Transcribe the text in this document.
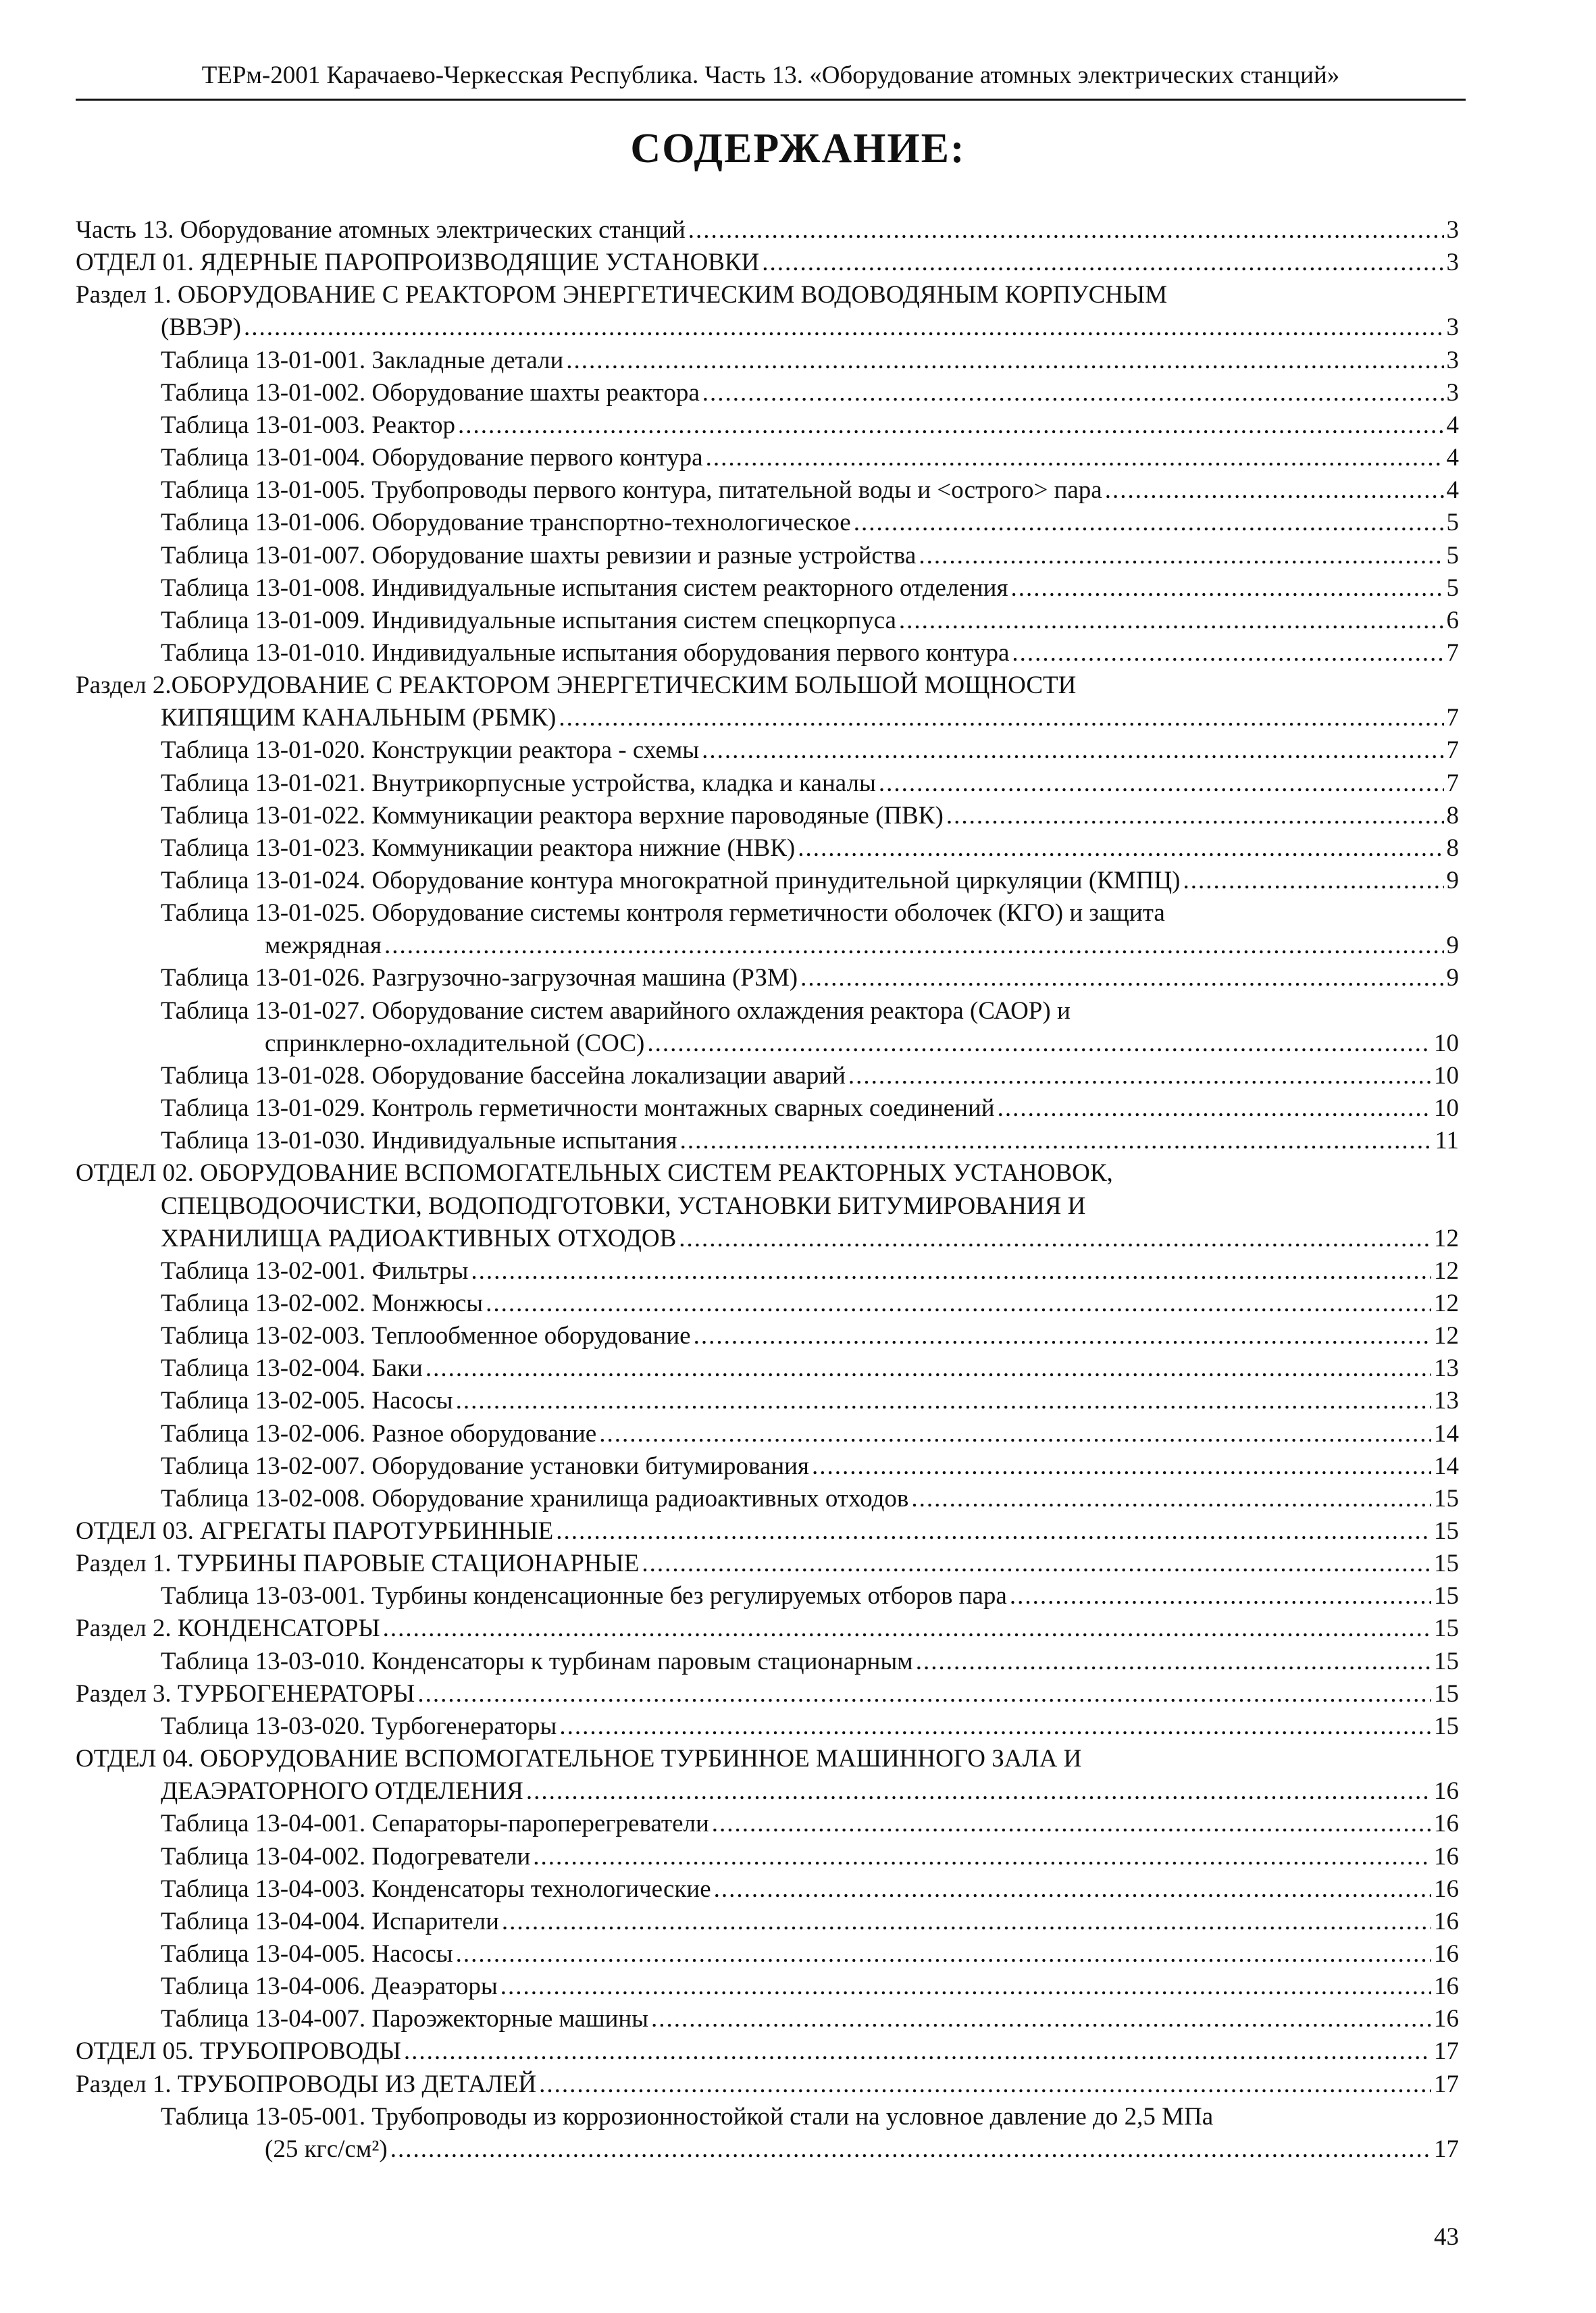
ТЕРм-2001 Карачаево-Черкесская Республика. Часть 13. «Оборудование атомных электрических станций»
СОДЕРЖАНИЕ:
Часть 13. Оборудование атомных электрических станций .....	3
ОТДЕЛ 01. ЯДЕРНЫЕ ПАРОПРОИЗВОДЯЩИЕ УСТАНОВКИ .....	3
Раздел 1. ОБОРУДОВАНИЕ С РЕАКТОРОМ ЭНЕРГЕТИЧЕСКИМ ВОДОВОДЯНЫМ КОРПУСНЫМ
(ВВЭР) .....	3
Таблица 13-01-001. Закладные детали .....	3
Таблица 13-01-002. Оборудование шахты реактора .....	3
Таблица 13-01-003. Реактор .....	4
Таблица 13-01-004. Оборудование первого контура .....	4
Таблица 13-01-005. Трубопроводы первого контура, питательной воды и <острого> пара .....	4
Таблица 13-01-006. Оборудование транспортно-технологическое .....	5
Таблица 13-01-007. Оборудование шахты ревизии и разные устройства .....	5
Таблица 13-01-008. Индивидуальные испытания систем реакторного отделения .....	5
Таблица 13-01-009. Индивидуальные испытания систем спецкорпуса .....	6
Таблица 13-01-010. Индивидуальные испытания оборудования первого контура .....	7
Раздел 2.ОБОРУДОВАНИЕ С РЕАКТОРОМ ЭНЕРГЕТИЧЕСКИМ БОЛЬШОЙ МОЩНОСТИ
КИПЯЩИМ КАНАЛЬНЫМ (РБМК) .....	7
Таблица 13-01-020. Конструкции реактора - схемы .....	7
Таблица 13-01-021. Внутрикорпусные устройства, кладка и каналы .....	7
Таблица 13-01-022. Коммуникации реактора верхние пароводяные (ПВК) .....	8
Таблица 13-01-023. Коммуникации реактора нижние (НВК) .....	8
Таблица 13-01-024. Оборудование контура многократной принудительной циркуляции (КМПЦ) .....	9
Таблица 13-01-025. Оборудование системы контроля герметичности оболочек (КГО) и защита
межрядная .....	9
Таблица 13-01-026. Разгрузочно-загрузочная машина (РЗМ) .....	9
Таблица 13-01-027. Оборудование систем аварийного охлаждения реактора (САОР) и
спринклерно-охладительной (СОС) .....	10
Таблица 13-01-028. Оборудование бассейна локализации аварий .....	10
Таблица 13-01-029. Контроль герметичности монтажных сварных соединений .....	10
Таблица 13-01-030. Индивидуальные испытания .....	11
ОТДЕЛ 02. ОБОРУДОВАНИЕ ВСПОМОГАТЕЛЬНЫХ СИСТЕМ РЕАКТОРНЫХ УСТАНОВОК,
СПЕЦВОДООЧИСТКИ, ВОДОПОДГОТОВКИ, УСТАНОВКИ БИТУМИРОВАНИЯ И
ХРАНИЛИЩА РАДИОАКТИВНЫХ ОТХОДОВ .....	12
Таблица 13-02-001. Фильтры .....	12
Таблица 13-02-002. Монжюсы .....	12
Таблица 13-02-003. Теплообменное оборудование .....	12
Таблица 13-02-004. Баки .....	13
Таблица 13-02-005. Насосы .....	13
Таблица 13-02-006. Разное оборудование .....	14
Таблица 13-02-007. Оборудование установки битумирования .....	14
Таблица 13-02-008. Оборудование хранилища радиоактивных отходов .....	15
ОТДЕЛ 03. АГРЕГАТЫ ПАРОТУРБИННЫЕ .....	15
Раздел 1. ТУРБИНЫ ПАРОВЫЕ СТАЦИОНАРНЫЕ .....	15
Таблица 13-03-001. Турбины конденсационные без регулируемых отборов пара .....	15
Раздел 2. КОНДЕНСАТОРЫ .....	15
Таблица 13-03-010. Конденсаторы к турбинам паровым стационарным .....	15
Раздел 3. ТУРБОГЕНЕРАТОРЫ .....	15
Таблица 13-03-020. Турбогенераторы .....	15
ОТДЕЛ 04. ОБОРУДОВАНИЕ ВСПОМОГАТЕЛЬНОЕ ТУРБИННОЕ МАШИННОГО ЗАЛА И
ДЕАЭРАТОРНОГО ОТДЕЛЕНИЯ .....	16
Таблица 13-04-001. Сепараторы-пароперегреватели .....	16
Таблица 13-04-002. Подогреватели .....	16
Таблица 13-04-003. Конденсаторы технологические .....	16
Таблица 13-04-004. Испарители .....	16
Таблица 13-04-005. Насосы .....	16
Таблица 13-04-006. Деаэраторы .....	16
Таблица 13-04-007. Пароэжекторные машины .....	16
ОТДЕЛ 05. ТРУБОПРОВОДЫ .....	17
Раздел 1. ТРУБОПРОВОДЫ ИЗ ДЕТАЛЕЙ .....	17
Таблица 13-05-001. Трубопроводы из коррозионностойкой стали на условное давление до 2,5 МПа
(25 кгс/см²) .....	17
43
